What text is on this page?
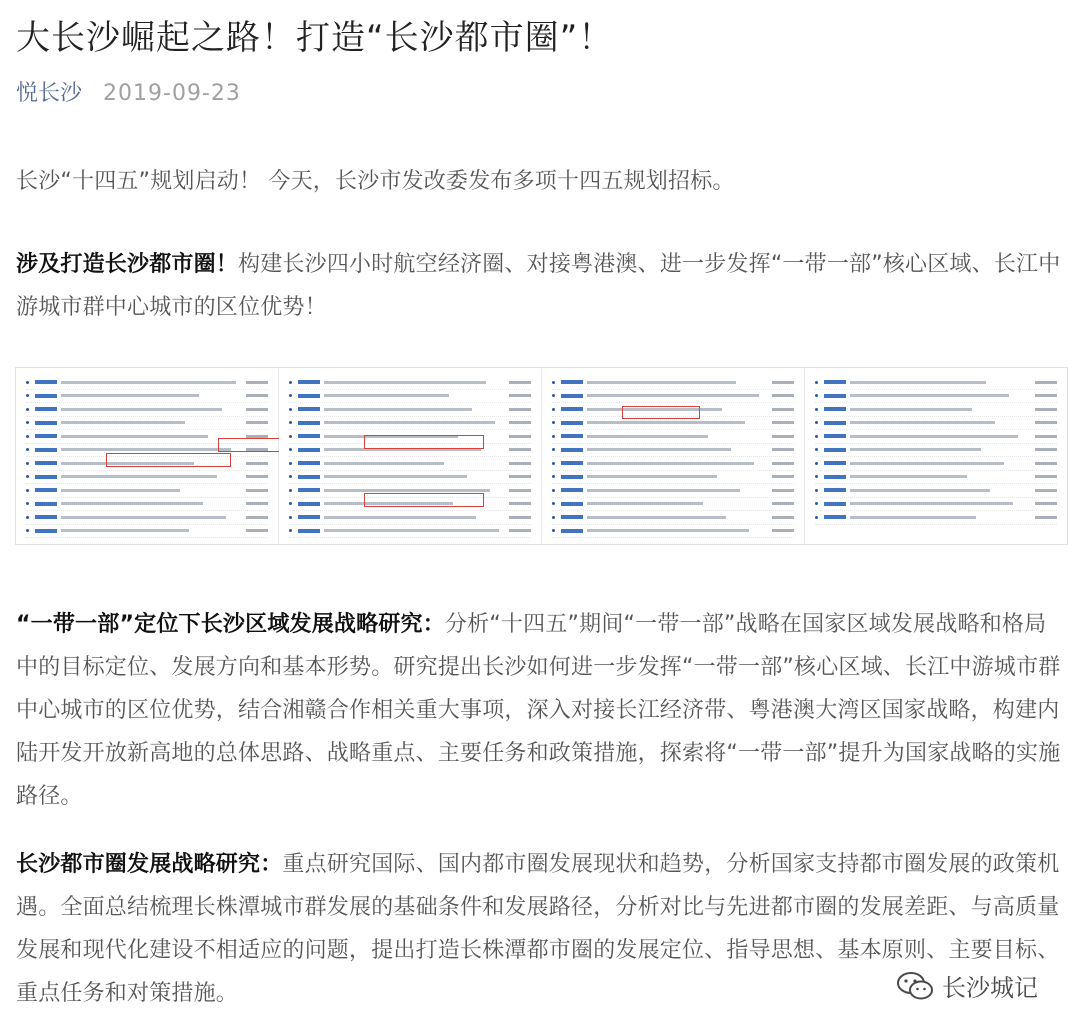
大长沙崛起之路！打造“长沙都市圈”！
悦长沙 2019-09-23
长沙“十四五”规划启动！ 今天，长沙市发改委发布多项十四五规划招标。
涉及打造长沙都市圈！构建长沙四小时航空经济圈、对接粤港澳、进一步发挥“一带一部”核心区域、长江中游城市群中心城市的区位优势！
“一带一部”定位下长沙区域发展战略研究：分析“十四五”期间“一带一部”战略在国家区域发展战略和格局中的目标定位、发展方向和基本形势。研究提出长沙如何进一步发挥“一带一部”核心区域、长江中游城市群中心城市的区位优势，结合湘赣合作相关重大事项，深入对接长江经济带、粤港澳大湾区国家战略，构建内陆开发开放新高地的总体思路、战略重点、主要任务和政策措施，探索将“一带一部”提升为国家战略的实施路径。
长沙都市圈发展战略研究：重点研究国际、国内都市圈发展现状和趋势，分析国家支持都市圈发展的政策机遇。全面总结梳理长株潭城市群发展的基础条件和发展路径，分析对比与先进都市圈的发展差距、与高质量发展和现代化建设不相适应的问题，提出打造长株潭都市圈的发展定位、指导思想、基本原则、主要目标、重点任务和对策措施。	长沙城记
